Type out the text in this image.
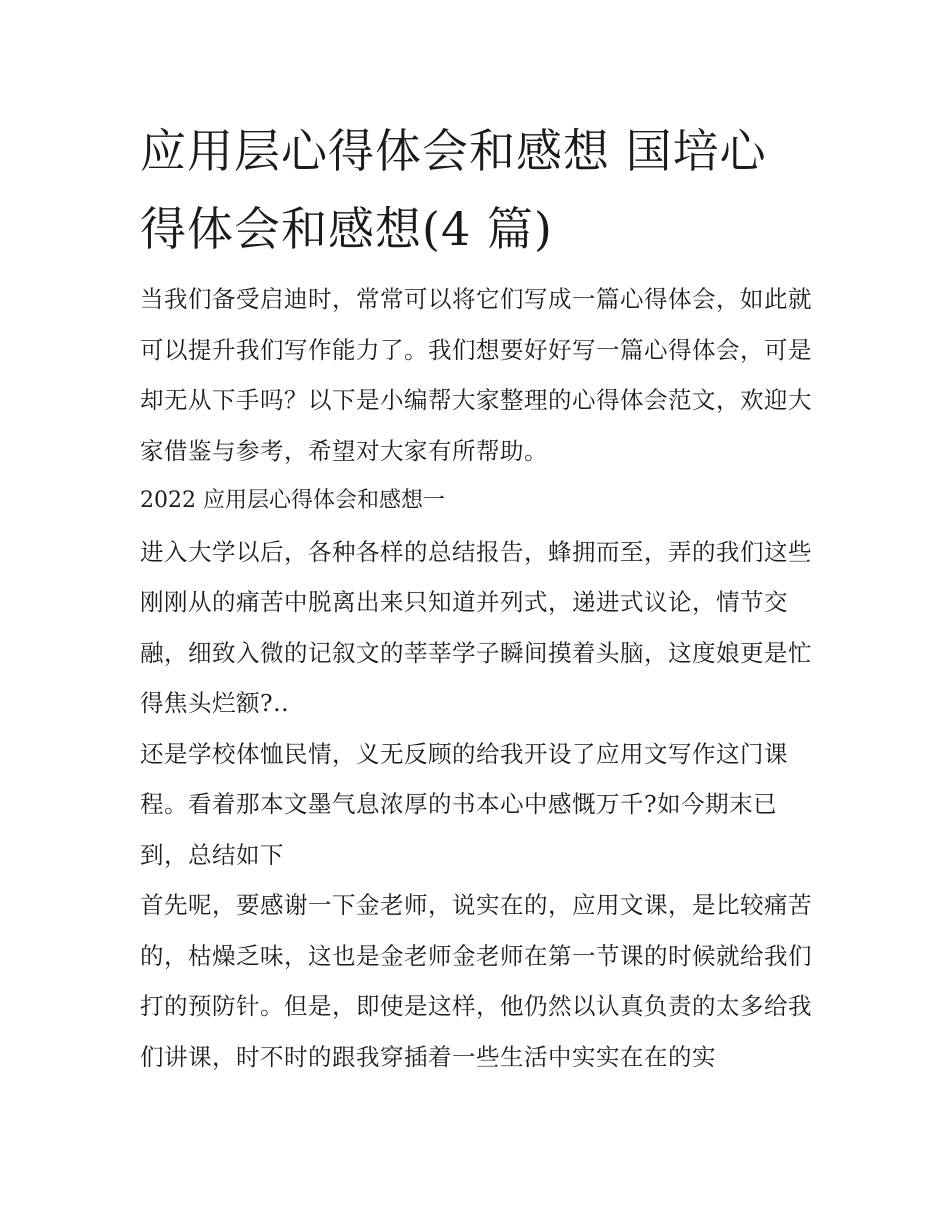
应用层心得体会和感想 国培心得体会和感想(4 篇)

当我们备受启迪时，常常可以将它们写成一篇心得体会，如此就可以提升我们写作能力了。我们想要好好写一篇心得体会，可是却无从下手吗？以下是小编帮大家整理的心得体会范文，欢迎大家借鉴与参考，希望对大家有所帮助。

2022 应用层心得体会和感想一

进入大学以后，各种各样的总结报告，蜂拥而至，弄的我们这些刚刚从的痛苦中脱离出来只知道并列式，递进式议论，情节交融，细致入微的记叙文的莘莘学子瞬间摸着头脑，这度娘更是忙得焦头烂额?..

还是学校体恤民情，义无反顾的给我开设了应用文写作这门课程。看着那本文墨气息浓厚的书本心中感慨万千?如今期末已到，总结如下

首先呢，要感谢一下金老师，说实在的，应用文课，是比较痛苦的，枯燥乏味，这也是金老师金老师在第一节课的时候就给我们打的预防针。但是，即使是这样，他仍然以认真负责的太多给我们讲课，时不时的跟我穿插着一些生活中实实在在的实
